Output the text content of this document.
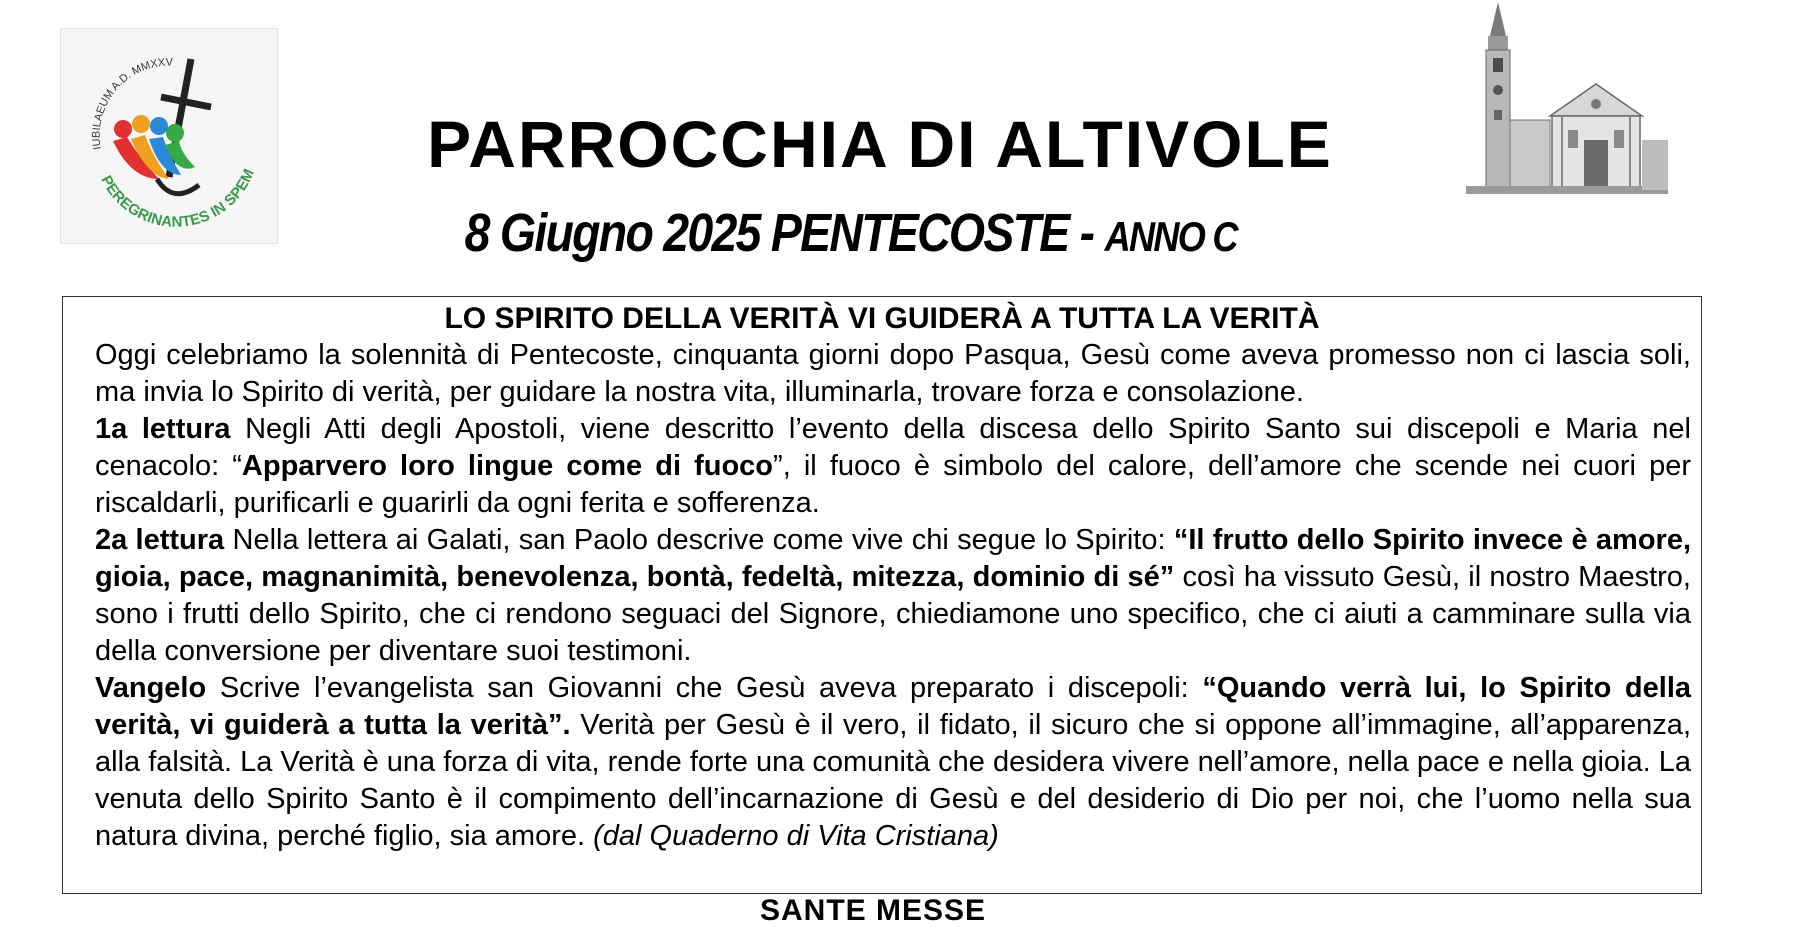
IUBILAEUM A.D. MMXXV
PEREGRINANTES IN SPEM	PARROCCHIA DI ALTIVOLE
8 Giugno 2025 PENTECOSTE - ANNO C
LO SPIRITO DELLA VERITÀ VI GUIDERÀ A TUTTA LA VERITÀ

Oggi celebriamo la solennità di Pentecoste, cinquanta giorni dopo Pasqua, Gesù come aveva promesso non ci lascia soli, ma invia lo Spirito di verità, per guidare la nostra vita, illuminarla, trovare forza e consolazione.

1a lettura Negli Atti degli Apostoli, viene descritto l’evento della discesa dello Spirito Santo sui discepoli e Maria nel cenacolo: “Apparvero loro lingue come di fuoco”, il fuoco è simbolo del calore, dell’amore che scende nei cuori per riscaldarli, purificarli e guarirli da ogni ferita e sofferenza.

2a lettura Nella lettera ai Galati, san Paolo descrive come vive chi segue lo Spirito: “Il frutto dello Spirito invece è amore, gioia, pace, magnanimità, benevolenza, bontà, fedeltà, mitezza, dominio di sé” così ha vissuto Gesù, il nostro Maestro, sono i frutti dello Spirito, che ci rendono seguaci del Signore, chiediamone uno specifico, che ci aiuti a camminare sulla via della conversione per diventare suoi testimoni.

Vangelo Scrive l’evangelista san Giovanni che Gesù aveva preparato i discepoli: “Quando verrà lui, lo Spirito della verità, vi guiderà a tutta la verità”. Verità per Gesù è il vero, il fidato, il sicuro che si oppone all’immagine, all’apparenza, alla falsità. La Verità è una forza di vita, rende forte una comunità che desidera vivere nell’amore, nella pace e nella gioia. La venuta dello Spirito Santo è il compimento dell’incarnazione di Gesù e del desiderio di Dio per noi, che l’uomo nella sua natura divina, perché figlio, sia amore. (dal Quaderno di Vita Cristiana)

SANTE MESSE
